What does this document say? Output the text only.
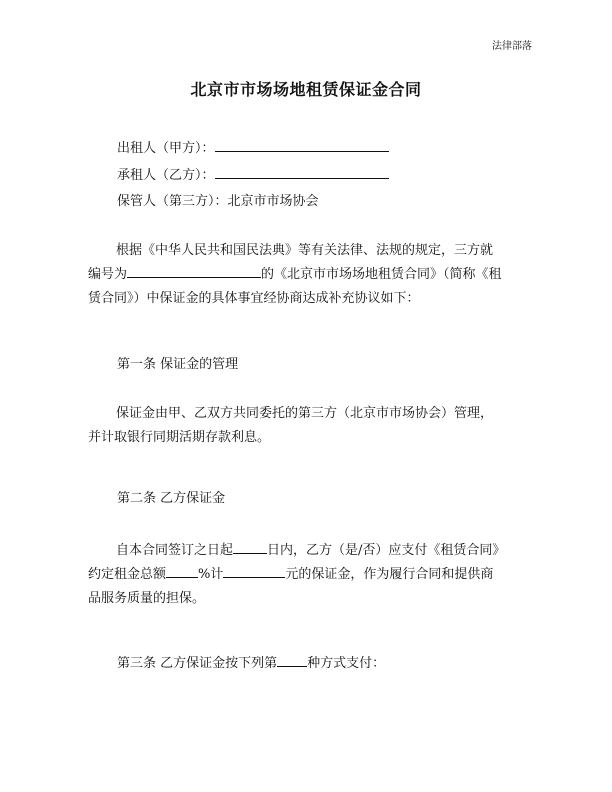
法律部落
北京市市场场地租赁保证金合同
出租人（甲方）：
承租人（乙方）：
保管人（第三方）：北京市市场协会
根据《中华人民共和国民法典》等有关法律、法规的规定，三方就
编号为	的《北京市市场场地租赁合同》（简称《租
赁合同》）中保证金的具体事宜经协商达成补充协议如下：
第一条 保证金的管理
保证金由甲、乙双方共同委托的第三方（北京市市场协会）管理，
并计取银行同期活期存款利息。
第二条 乙方保证金
自本合同签订之日起	日内，乙方（是/否）应支付《租赁合同》
约定租金总额 %计	元的保证金，作为履行合同和提供商
品服务质量的担保。
第三条 乙方保证金按下列第 种方式支付：
